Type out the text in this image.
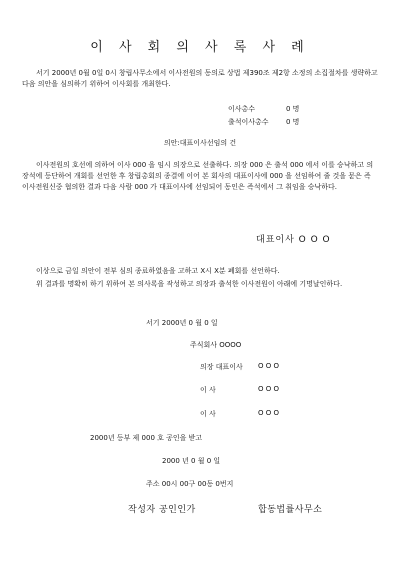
이 사 회 의 사 록 사 례
서기 2000년 0월 0일 0시 창립사무소에서 이사전원의 동의로 상법 제390조 제2항 소정의 소집절차를 생략하고 다음 의안을 심의하기 위하여 이사회를 개최한다.
이사총수	0 명
출석이사총수 0 명
의안:대표이사선임의 건
이사전원의 호선에 의하여 이사 000 을 임시 의장으로 선출하다. 의장 000 은 출석 000 에서 이를 승낙하고 의장석에 등단하여 개회를 선언한 후 창립총회의 종결에 이어 본 회사의 대표이사에 000 을 선임하여 줄 것을 묻은 즉 이사전원신중 협의한 결과 다음 사람 000 가 대표이사에 선임되어 동인은 즉석에서 그 취임을 승낙하다.
대표이사 O O O
이상으로 금일 의안이 전부 심의 종료하였음을 고하고 X시 X분 폐회를 선언하다.
위 결과를 명확히 하기 위하여 본 의사록을 작성하고 의장과 출석한 이사전원이 아래에 기명날인하다.
서기 2000년 0 월 0 일
주식회사 OOOO
의장 대표이사 O O O
이 사	O O O
이 사	O O O
2000년 등부 제 000 호 공인을 받고
2000 년 0 월 0 일
주소 00시 00구 00동 0번지
작성자 공인인가	합동법률사무소
